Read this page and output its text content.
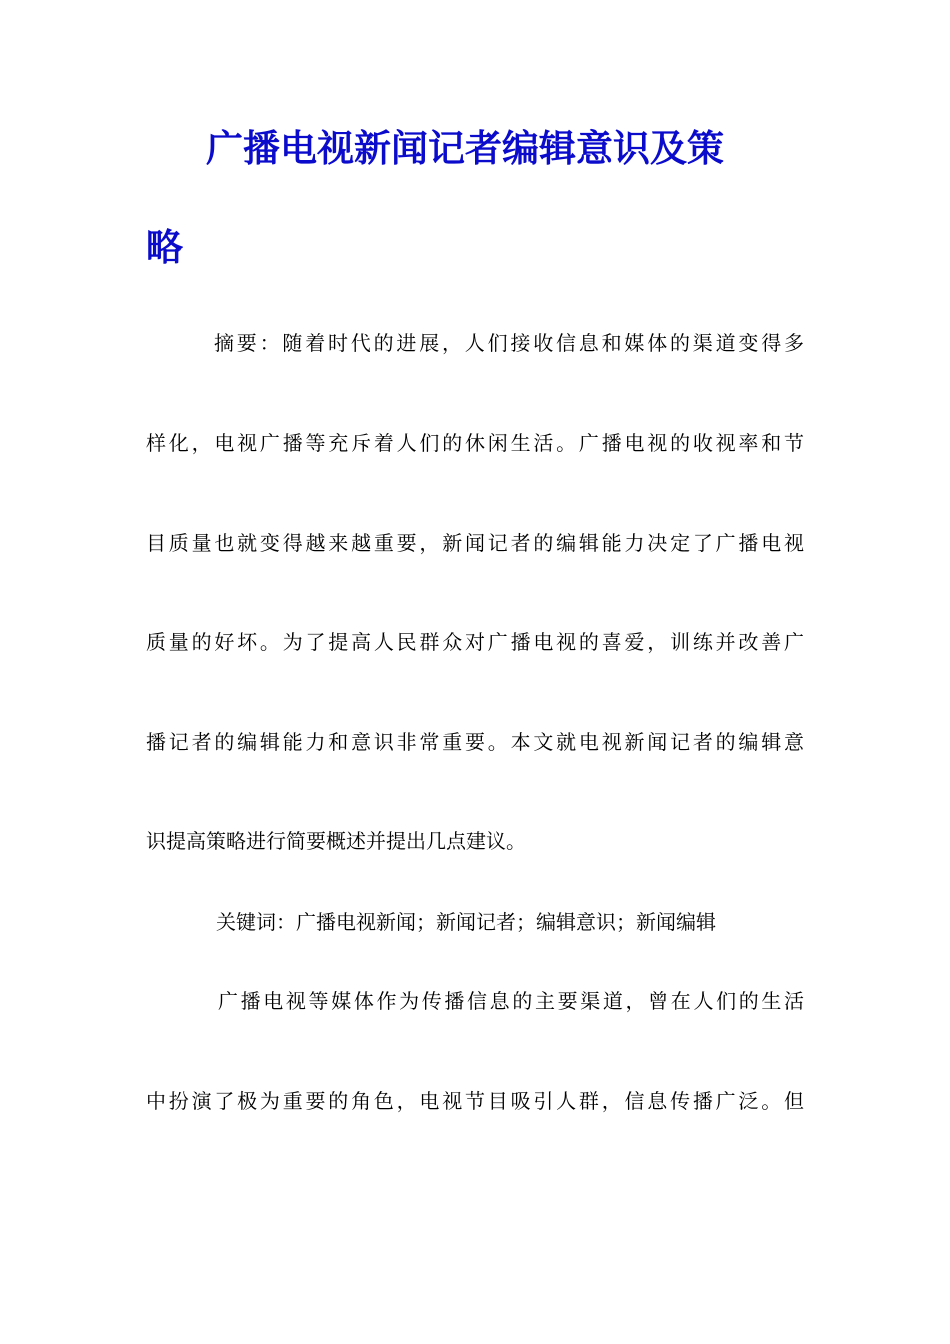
广播电视新闻记者编辑意识及策
略
摘要：随着时代的进展，人们接收信息和媒体的渠道变得多
样化，电视广播等充斥着人们的休闲生活。广播电视的收视率和节
目质量也就变得越来越重要，新闻记者的编辑能力决定了广播电视
质量的好坏。为了提高人民群众对广播电视的喜爱，训练并改善广
播记者的编辑能力和意识非常重要。本文就电视新闻记者的编辑意
识提高策略进行简要概述并提出几点建议。
关键词：广播电视新闻；新闻记者；编辑意识；新闻编辑
广播电视等媒体作为传播信息的主要渠道，曾在人们的生活
中扮演了极为重要的角色，电视节目吸引人群，信息传播广泛。但
